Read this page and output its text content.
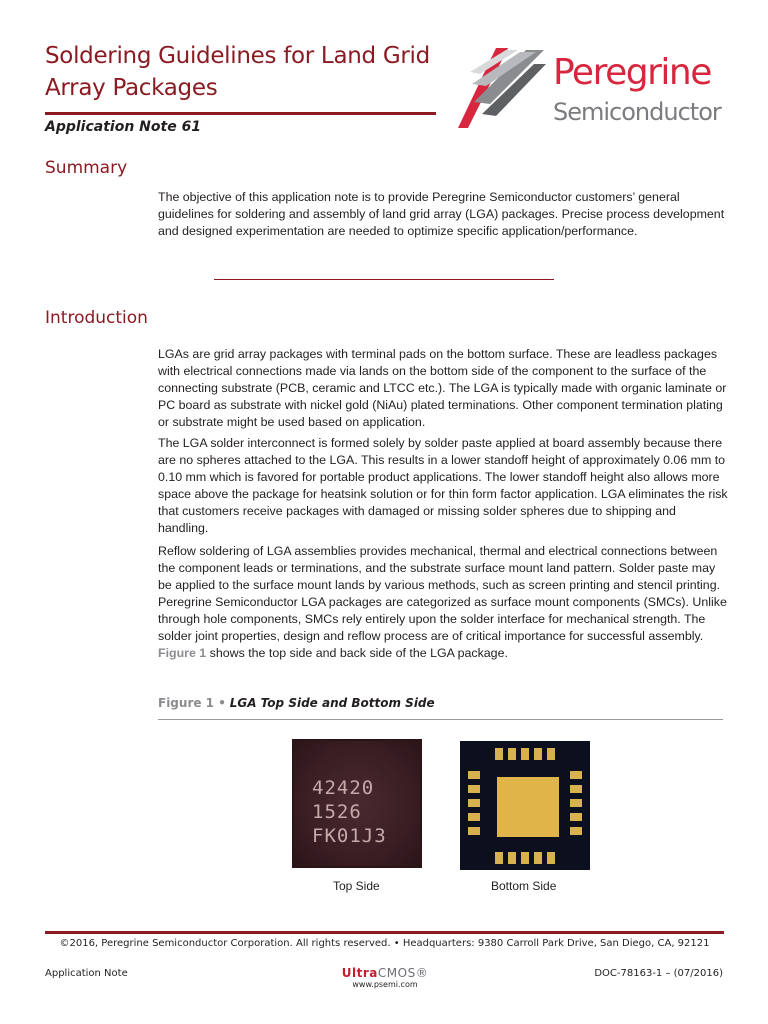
Soldering Guidelines for Land Grid Array Packages
Application Note 61
Peregrine
Semiconductor
Summary

The objective of this application note is to provide Peregrine Semiconductor customers’ general guidelines for soldering and assembly of land grid array (LGA) packages. Precise process development and designed experimentation are needed to optimize specific application/performance.

Introduction

LGAs are grid array packages with terminal pads on the bottom surface. These are leadless packages with electrical connections made via lands on the bottom side of the component to the surface of the connecting substrate (PCB, ceramic and LTCC etc.). The LGA is typically made with organic laminate or PC board as substrate with nickel gold (NiAu) plated terminations. Other component termination plating or substrate might be used based on application.

The LGA solder interconnect is formed solely by solder paste applied at board assembly because there are no spheres attached to the LGA. This results in a lower standoff height of approximately 0.06 mm to 0.10 mm which is favored for portable product applications. The lower standoff height also allows more space above the package for heatsink solution or for thin form factor application. LGA eliminates the risk that customers receive packages with damaged or missing solder spheres due to shipping and handling.

Reflow soldering of LGA assemblies provides mechanical, thermal and electrical connections between the component leads or terminations, and the substrate surface mount land pattern. Solder paste may be applied to the surface mount lands by various methods, such as screen printing and stencil printing. Peregrine Semiconductor LGA packages are categorized as surface mount components (SMCs). Unlike through hole components, SMCs rely entirely upon the solder interface for mechanical strength. The solder joint properties, design and reflow process are of critical importance for successful assembly. Figure 1 shows the top side and back side of the LGA package.

Figure 1 • LGA Top Side and Bottom Side
42420
1526
FK01J3
Top Side	Bottom Side
©2016, Peregrine Semiconductor Corporation. All rights reserved. • Headquarters: 9380 Carroll Park Drive, San Diego, CA, 92121
Application Note	UltraCMOS®
www.psemi.com
DOC-78163-1 – (07/2016)
